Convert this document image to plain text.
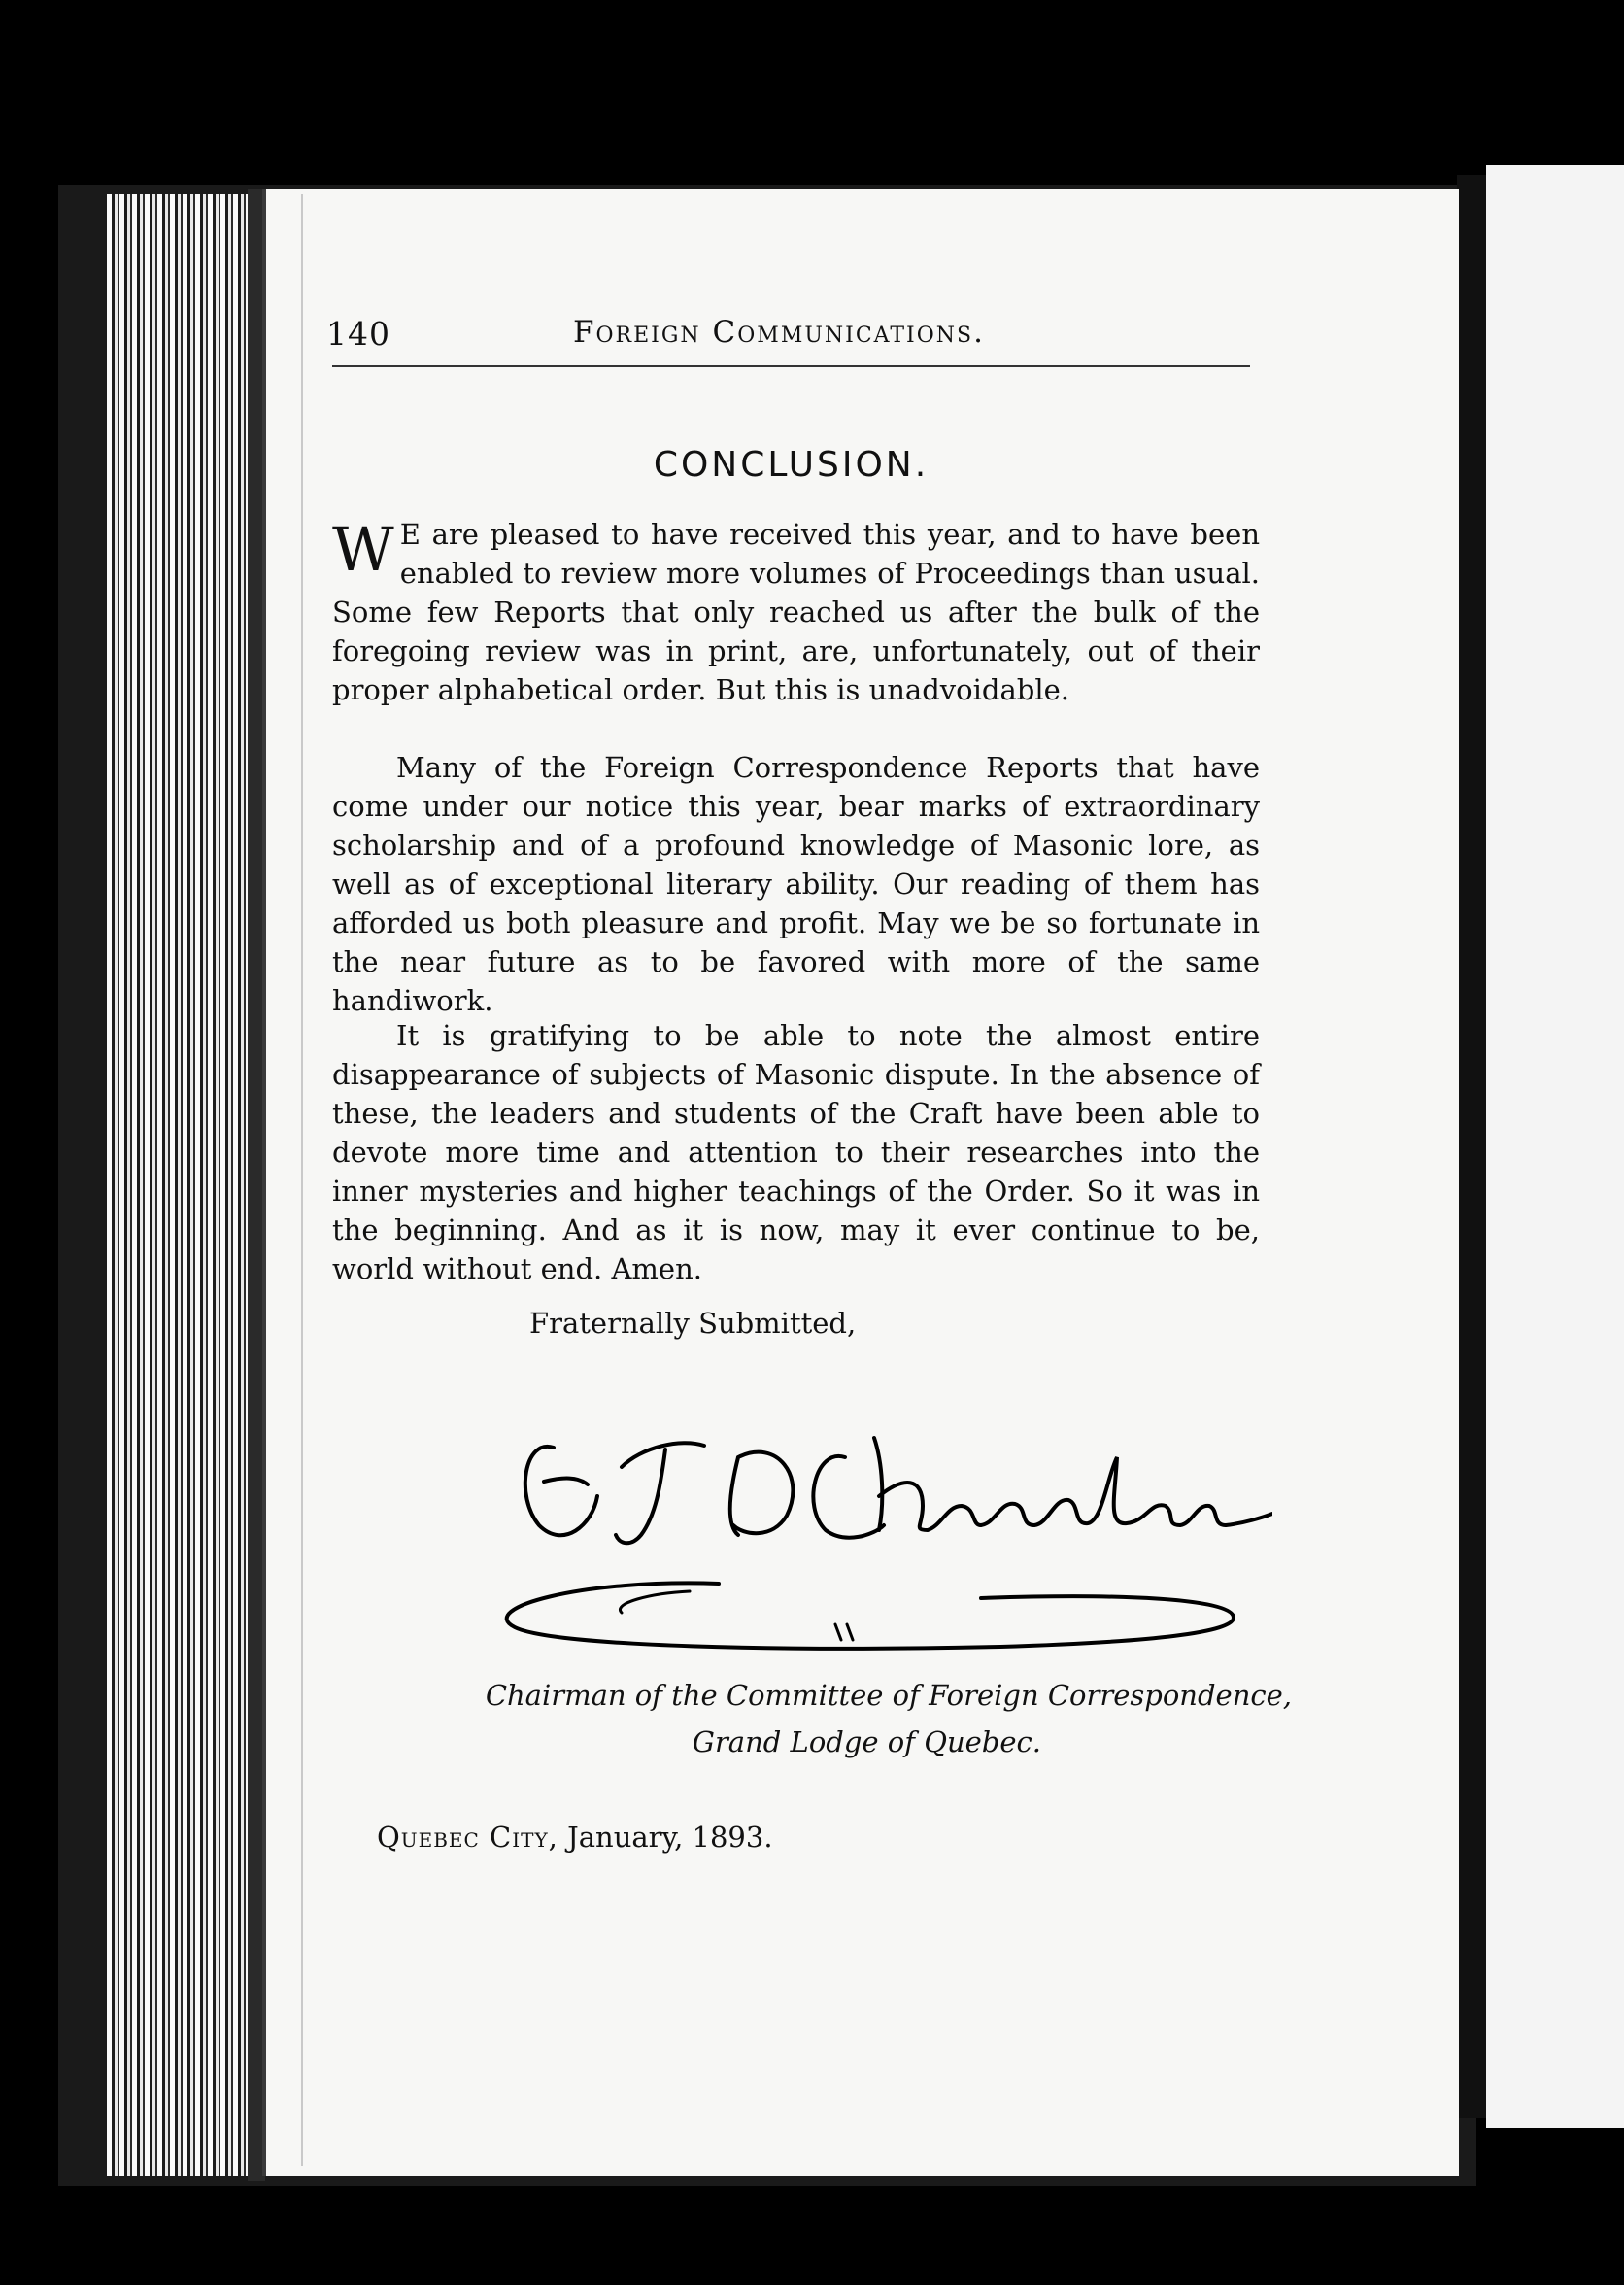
140	Foreign Communications.
CONCLUSION.
W E are pleased to have received this year, and to have been enabled to review more volumes of Proceedings than usual. Some few Reports that only reached us after the bulk of the foregoing review was in print, are, unfortunately, out of their proper alphabetical order. But this is unadvoidable.
Many of the Foreign Correspondence Reports that have come under our notice this year, bear marks of extraordinary scholarship and of a profound knowledge of Masonic lore, as well as of exceptional literary ability. Our reading of them has afforded us both pleasure and profit. May we be so fortunate in the near future as to be favored with more of the same handiwork.
It is gratifying to be able to note the almost entire disappearance of subjects of Masonic dispute. In the absence of these, the leaders and students of the Craft have been able to devote more time and attention to their researches into the inner mysteries and higher teachings of the Order. So it was in the beginning. And as it is now, may it ever continue to be, world without end. Amen.
Fraternally Submitted,
Chairman of the Committee of Foreign Correspondence,
Grand Lodge of Quebec.
Quebec City, January, 1893.
